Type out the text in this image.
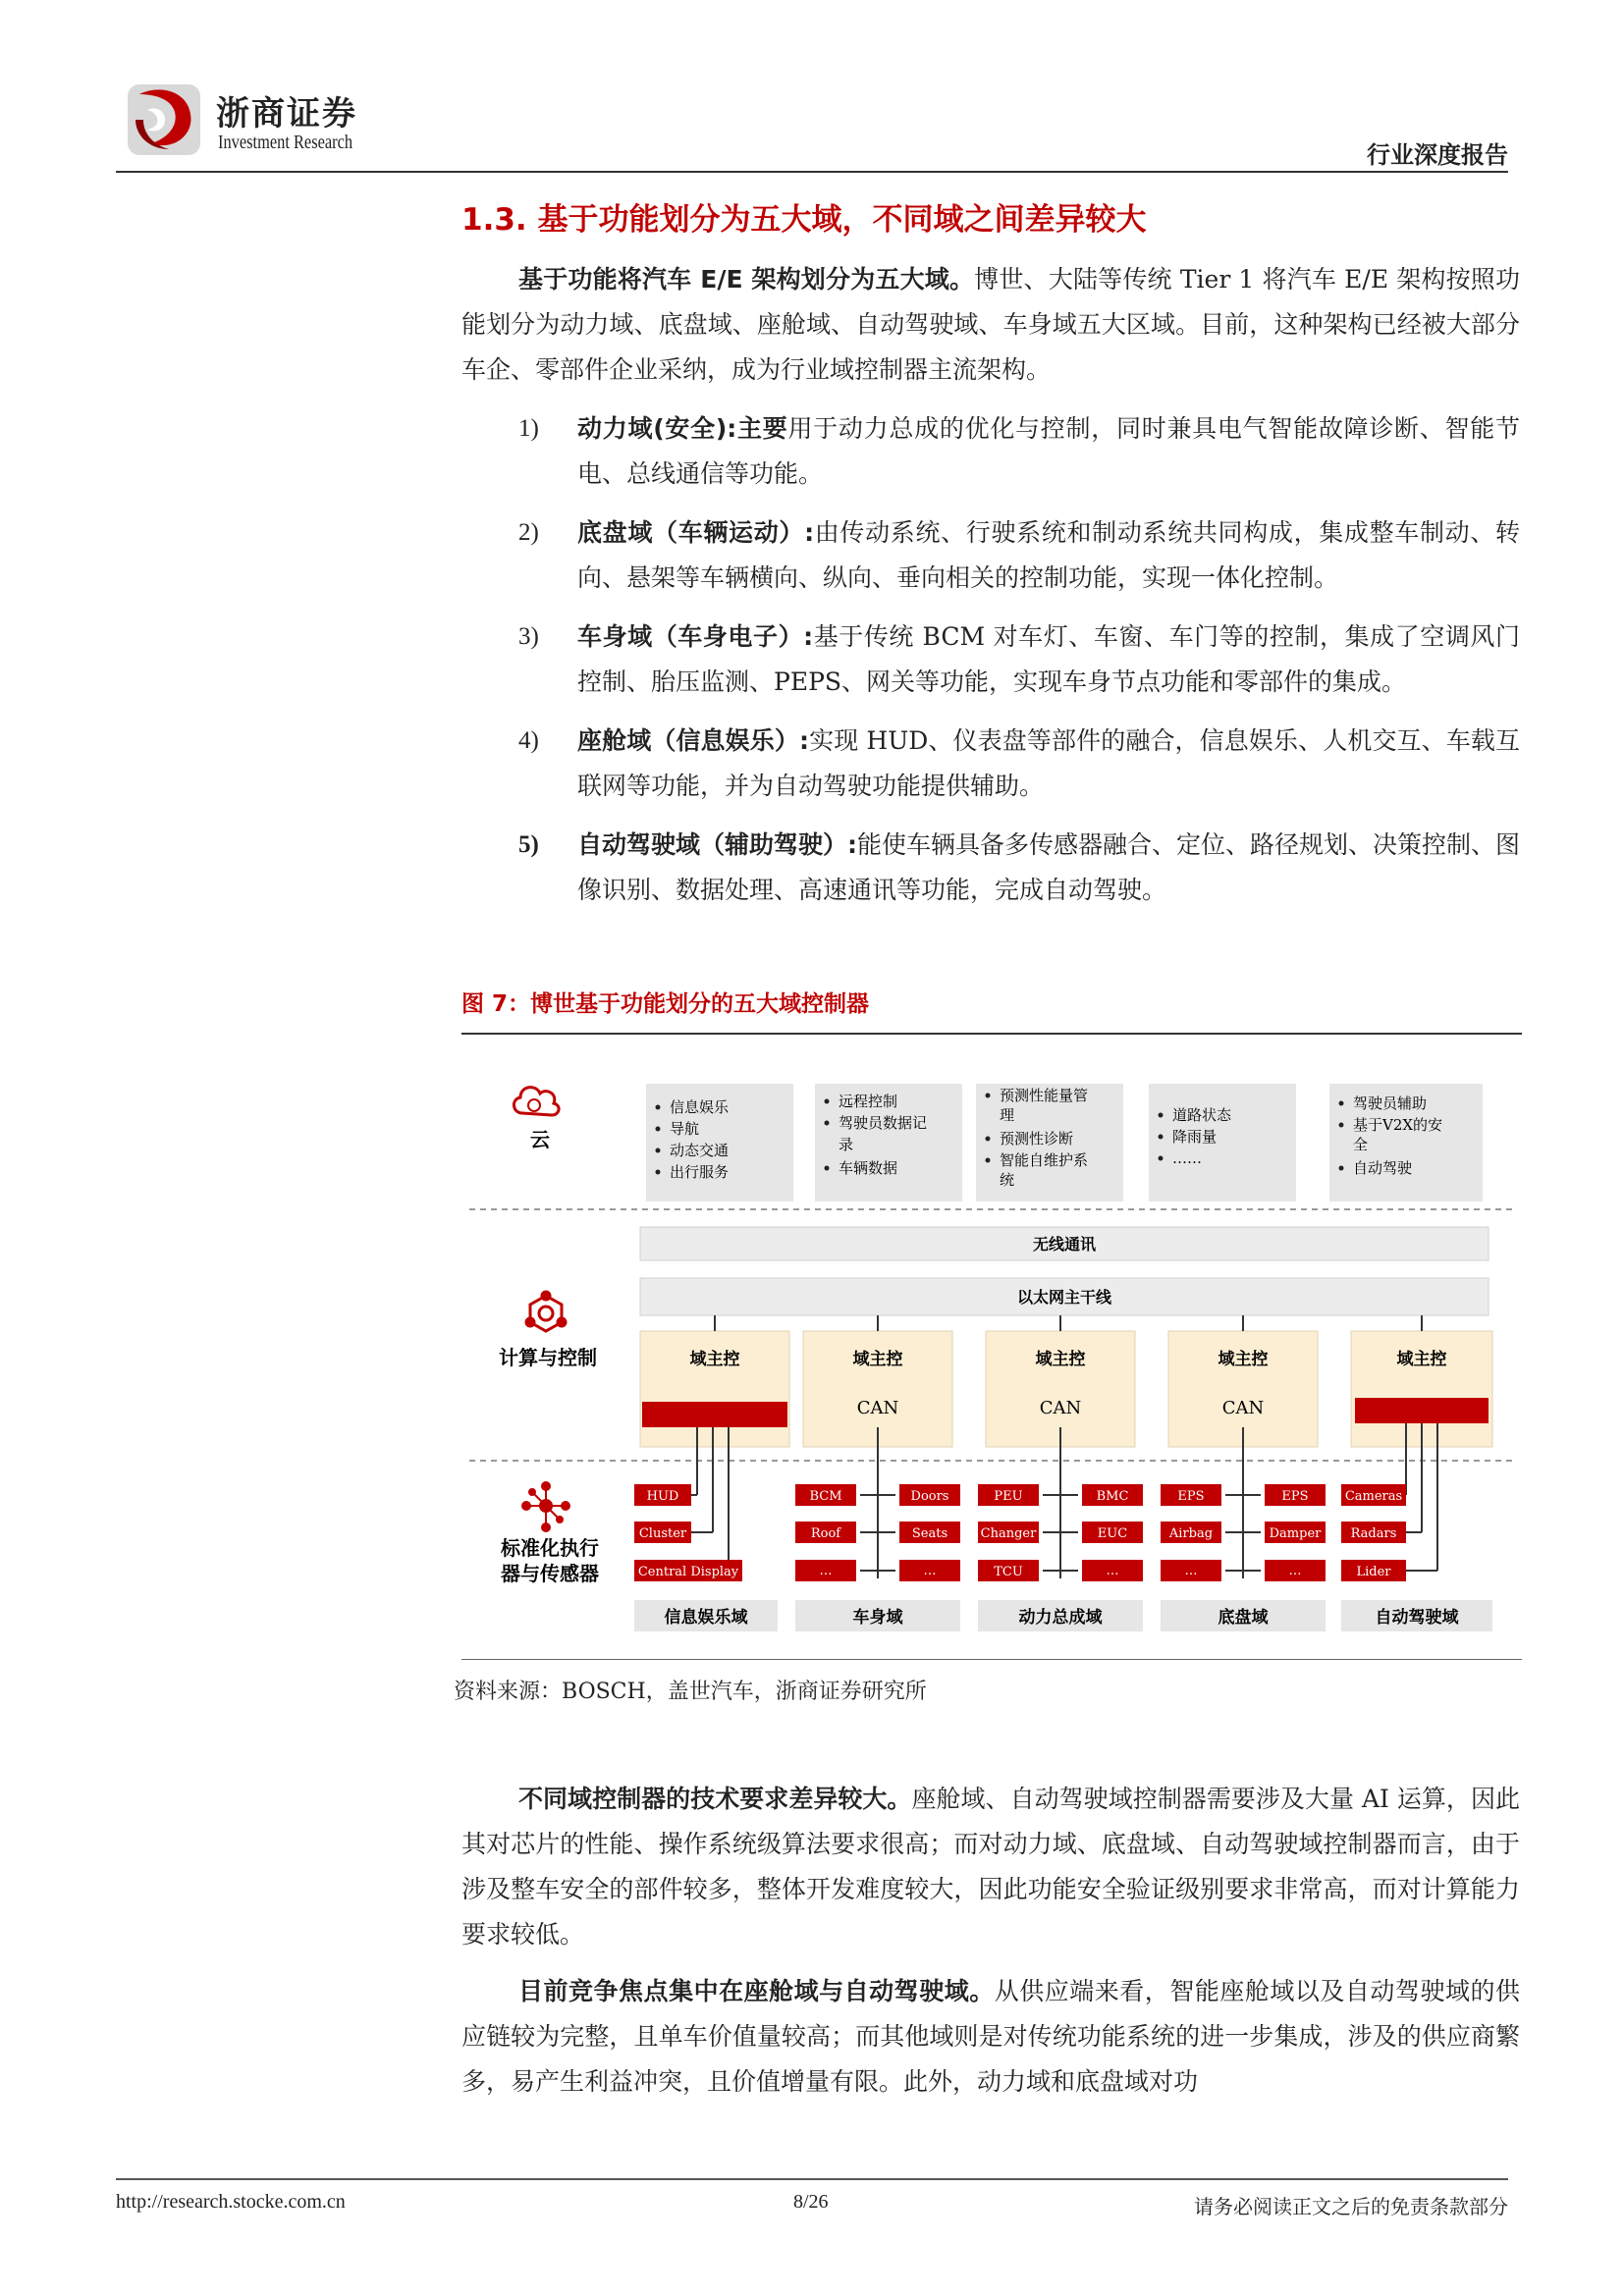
浙商证券
Investment Research	行业深度报告
1.3. 基于功能划分为五大域，不同域之间差异较大

基于功能将汽车 E/E 架构划分为五大域。博世、大陆等传统 Tier 1 将汽车 E/E 架构按照功能划分为动力域、底盘域、座舱域、自动驾驶域、车身域五大区域。目前，这种架构已经被大部分车企、零部件企业采纳，成为行业域控制器主流架构。

1) 动力域(安全):主要用于动力总成的优化与控制，同时兼具电气智能故障诊断、智能节电、总线通信等功能。
2) 底盘域（车辆运动）:由传动系统、行驶系统和制动系统共同构成，集成整车制动、转向、悬架等车辆横向、纵向、垂向相关的控制功能，实现一体化控制。
3) 车身域（车身电子）:基于传统 BCM 对车灯、车窗、车门等的控制，集成了空调风门控制、胎压监测、PEPS、网关等功能，实现车身节点功能和零部件的集成。
4) 座舱域（信息娱乐）:实现 HUD、仪表盘等部件的融合，信息娱乐、人机交互、车载互联网等功能，并为自动驾驶功能提供辅助。
5) 自动驾驶域（辅助驾驶）:能使车辆具备多传感器融合、定位、路径规划、决策控制、图像识别、数据处理、高速通讯等功能，完成自动驾驶。
图 7：博世基于功能划分的五大域控制器
云
计算与控制
标准化执行
器与传感器
信息娱乐
导航
动态交通
出行服务
远程控制
驾驶员数据记
录
车辆数据
预测性能量管
理
预测性诊断
智能自维护系
统
道路状态
降雨量
……
驾驶员辅助
基于V2X的安
全
自动驾驶
无线通讯
以太网主干线
域主控	域主控
CAN
域主控
CAN
域主控
CAN
域主控
HUD
Cluster
Central Display
BCM	Doors
Roof	Seats
…	…
PEU	BMC
Changer	EUC
TCU	…
EPS	EPS
Airbag	Damper
…	…
Cameras
Radars
Lider
信息娱乐域	车身域	动力总成域	底盘域	自动驾驶域
资料来源：BOSCH，盖世汽车，浙商证券研究所

不同域控制器的技术要求差异较大。座舱域、自动驾驶域控制器需要涉及大量 AI 运算，因此其对芯片的性能、操作系统级算法要求很高；而对动力域、底盘域、自动驾驶域控制器而言，由于涉及整车安全的部件较多，整体开发难度较大，因此功能安全验证级别要求非常高，而对计算能力要求较低。

目前竞争焦点集中在座舱域与自动驾驶域。从供应端来看，智能座舱域以及自动驾驶域的供应链较为完整，且单车价值量较高；而其他域则是对传统功能系统的进一步集成，涉及的供应商繁多，易产生利益冲突，且价值增量有限。此外，动力域和底盘域对功

http://research.stocke.com.cn	8/26	请务必阅读正文之后的免责条款部分
